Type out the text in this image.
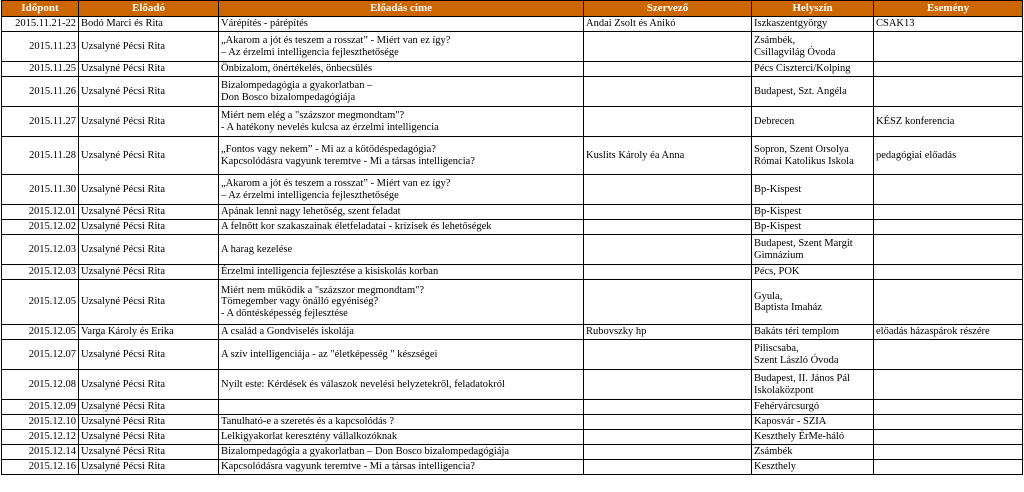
Időpont	Előadó	Előadás címe	Szervező	Helyszín	Esemény
2015.11.21-22	Bodó Marci és Rita	Várépítés - párépítés	Andai Zsolt és Anikó	Iszkaszentgyörgy	CSAK13
2015.11.23	Uzsalyné Pécsi Rita	„Akarom a jót és teszem a rosszat” - Miért van ez így?
– Az érzelmi intelligencia fejleszthetősége		Zsámbék,
Csillagvilág Óvoda	
2015.11.25	Uzsalyné Pécsi Rita	Önbizalom, önértékelés, önbecsülés		Pécs Ciszterci/Kolping	
2015.11.26	Uzsalyné Pécsi Rita	Bizalompedagógia a gyakorlatban –
Don Bosco bizalompedagógiája		Budapest, Szt. Angéla	
2015.11.27	Uzsalyné Pécsi Rita	Miért nem elég a "százszor megmondtam"?
- A hatékony nevelés kulcsa az érzelmi intelligencia		Debrecen	KÉSZ konferencia
2015.11.28	Uzsalyné Pécsi Rita	„Fontos vagy nekem” - Mi az a kötődéspedagógia?
Kapcsolódásra vagyunk teremtve - Mi a társas intelligencia?	Kuslits Károly éa Anna	Sopron, Szent Orsolya
Római Katolikus Iskola	pedagógiai előadás
2015.11.30	Uzsalyné Pécsi Rita	„Akarom a jót és teszem a rosszat” - Miért van ez így?
– Az érzelmi intelligencia fejleszthetősége		Bp-Kispest	
2015.12.01	Uzsalyné Pécsi Rita	Apának lenni nagy lehetőség, szent feladat		Bp-Kispest	
2015.12.02	Uzsalyné Pécsi Rita	A felnőtt kor szakaszainak életfeladatai - krízisek és lehetőségek		Bp-Kispest	
2015.12.03	Uzsalyné Pécsi Rita	A harag kezelése		Budapest, Szent Margit
Gimnázium	
2015.12.03	Uzsalyné Pécsi Rita	Érzelmi intelligencia fejlesztése a kisiskolás korban		Pécs, POK	
2015.12.05	Uzsalyné Pécsi Rita	Miért nem működik a "százszor megmondtam"?
Tömegember vagy önálló egyéniség?
- A döntésképesség fejlesztése		Gyula,
Baptista Imaház	
2015.12.05	Varga Károly és Erika	A család a Gondviselés iskolája	Rubovszky hp	Bakáts téri templom	előadás házaspárok részére
2015.12.07	Uzsalyné Pécsi Rita	A szív intelligenciája - az "életképesség " készségei		Piliscsaba,
Szent László Óvoda	
2015.12.08	Uzsalyné Pécsi Rita	Nyílt este: Kérdések és válaszok nevelési helyzetekről, feladatokról		Budapest, II. János Pál
Iskolaközpont	
2015.12.09	Uzsalyné Pécsi Rita			Fehérvárcsurgó	
2015.12.10	Uzsalyné Pécsi Rita	Tanulható-e a szeretés és a kapcsolódás ?		Kaposvár - SZIA	
2015.12.12	Uzsalyné Pécsi Rita	Lelkigyakorlat keresztény vállalkozóknak		Keszthely ÉrMe-háló	
2015.12.14	Uzsalyné Pécsi Rita	Bizalompedagógia a gyakorlatban – Don Bosco bizalompedagógiája		Zsámbék	
2015.12.16	Uzsalyné Pécsi Rita	Kapcsolódásra vagyunk teremtve - Mi a társas intelligencia?		Keszthely	
